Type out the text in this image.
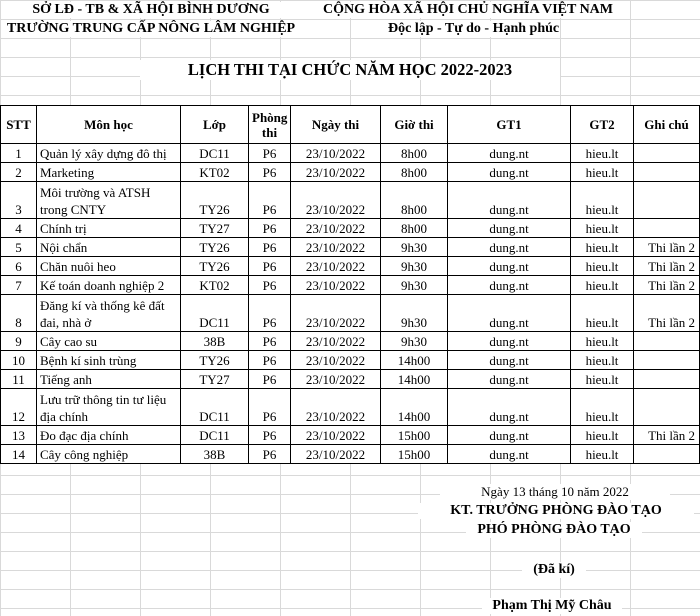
SỞ LĐ - TB & XÃ HỘI BÌNH DƯƠNG
TRƯỜNG TRUNG CẤP NÔNG LÂM NGHIỆP
CỘNG HÒA XÃ HỘI CHỦ NGHĨA VIỆT NAM
Độc lập - Tự do - Hạnh phúc
LỊCH THI TẠI CHỨC NĂM HỌC 2022-2023
STT	Môn học	Lớp	Phòng thi	Ngày thi	Giờ thi	GT1	GT2	Ghi chú
1	Quản lý xây dựng đô thị	DC11	P6	23/10/2022	8h00	dung.nt	hieu.lt	
2	Marketing	KT02	P6	23/10/2022	8h00	dung.nt	hieu.lt	
3	Môi trường và ATSH trong CNTY	TY26	P6	23/10/2022	8h00	dung.nt	hieu.lt	
4	Chính trị	TY27	P6	23/10/2022	8h00	dung.nt	hieu.lt	
5	Nội chẩn	TY26	P6	23/10/2022	9h30	dung.nt	hieu.lt	Thi lần 2
6	Chăn nuôi heo	TY26	P6	23/10/2022	9h30	dung.nt	hieu.lt	Thi lần 2
7	Kế toán doanh nghiệp 2	KT02	P6	23/10/2022	9h30	dung.nt	hieu.lt	Thi lần 2
8	Đăng kí và thống kê đất đai, nhà ở	DC11	P6	23/10/2022	9h30	dung.nt	hieu.lt	Thi lần 2
9	Cây cao su	38B	P6	23/10/2022	9h30	dung.nt	hieu.lt	
10	Bệnh kí sinh trùng	TY26	P6	23/10/2022	14h00	dung.nt	hieu.lt	
11	Tiếng anh	TY27	P6	23/10/2022	14h00	dung.nt	hieu.lt	
12	Lưu trữ thông tin tư liệu địa chính	DC11	P6	23/10/2022	14h00	dung.nt	hieu.lt	
13	Đo đạc địa chính	DC11	P6	23/10/2022	15h00	dung.nt	hieu.lt	Thi lần 2
14	Cây công nghiệp	38B	P6	23/10/2022	15h00	dung.nt	hieu.lt	
Ngày 13 tháng 10 năm 2022
KT. TRƯỞNG PHÒNG ĐÀO TẠO
PHÓ PHÒNG ĐÀO TẠO
(Đã kí)
Phạm Thị Mỹ Châu
